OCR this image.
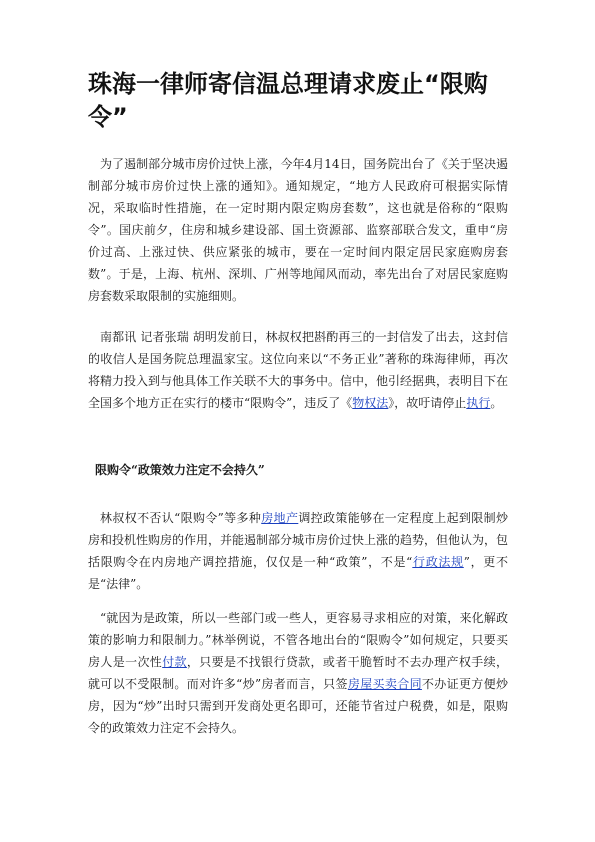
珠海一律师寄信温总理请求废止“限购令”

为了遏制部分城市房价过快上涨，今年4月14日，国务院出台了《关于坚决遏制部分城市房价过快上涨的通知》。通知规定，“地方人民政府可根据实际情况，采取临时性措施，在一定时期内限定购房套数”，这也就是俗称的“限购令”。国庆前夕，住房和城乡建设部、国土资源部、监察部联合发文，重申“房价过高、上涨过快、供应紧张的城市，要在一定时间内限定居民家庭购房套数”。于是，上海、杭州、深圳、广州等地闻风而动，率先出台了对居民家庭购房套数采取限制的实施细则。

南都讯 记者张瑞 胡明发前日，林叔权把斟酌再三的一封信发了出去，这封信的收信人是国务院总理温家宝。这位向来以“不务正业”著称的珠海律师，再次将精力投入到与他具体工作关联不大的事务中。信中，他引经据典，表明目下在全国多个地方正在实行的楼市“限购令”，违反了《物权法》，故吁请停止执行。

限购令“政策效力注定不会持久”

林叔权不否认“限购令”等多种房地产调控政策能够在一定程度上起到限制炒房和投机性购房的作用，并能遏制部分城市房价过快上涨的趋势，但他认为，包括限购令在内房地产调控措施，仅仅是一种“政策”，不是“行政法规”，更不是“法律”。

“就因为是政策，所以一些部门或一些人，更容易寻求相应的对策，来化解政策的影响力和限制力。”林举例说，不管各地出台的“限购令”如何规定，只要买房人是一次性付款，只要是不找银行贷款，或者干脆暂时不去办理产权手续，就可以不受限制。而对许多“炒”房者而言，只签房屋买卖合同不办证更方便炒房，因为“炒”出时只需到开发商处更名即可，还能节省过户税费，如是，限购令的政策效力注定不会持久。
